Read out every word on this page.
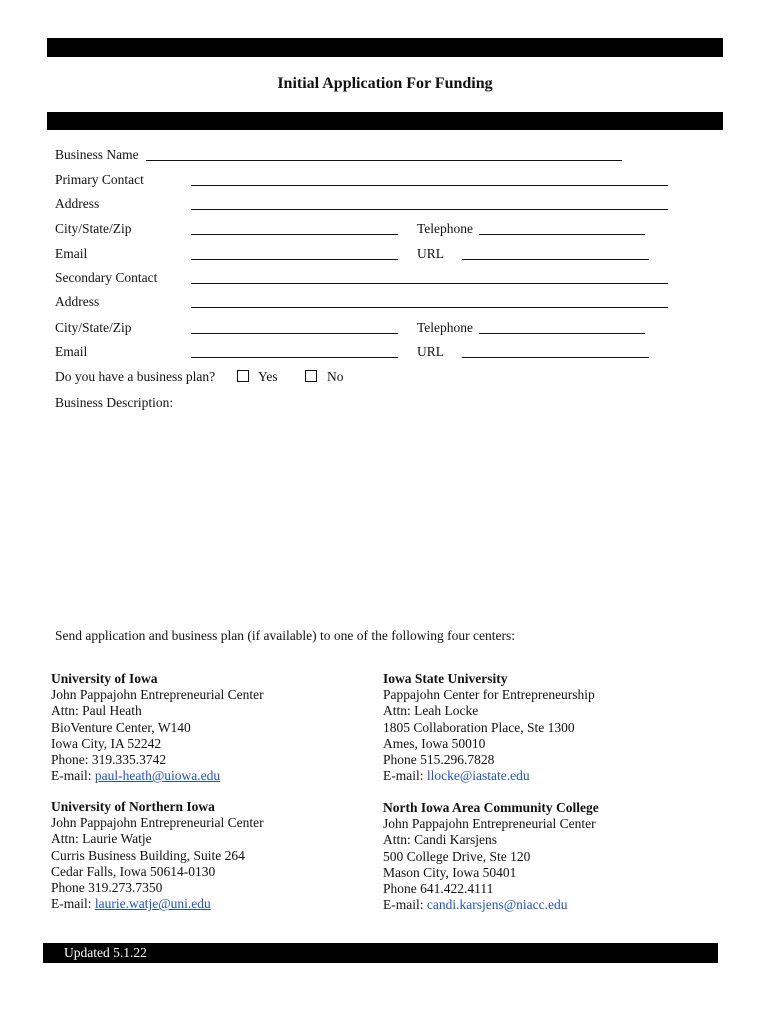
Initial Application For Funding
Business Name
Primary Contact
Address
City/State/Zip	Telephone
Email	URL
Secondary Contact
Address
City/State/Zip	Telephone
Email	URL
Do you have a business plan?	Yes	No
Business Description:
Send application and business plan (if available) to one of the following four centers:
University of Iowa
John Pappajohn Entrepreneurial Center
Attn: Paul Heath
BioVenture Center, W140
Iowa City, IA 52242
Phone: 319.335.3742
E-mail: paul-heath@uiowa.edu
Iowa State University
Pappajohn Center for Entrepreneurship
Attn: Leah Locke
1805 Collaboration Place, Ste 1300
Ames, Iowa 50010
Phone 515.296.7828
E-mail: llocke@iastate.edu
University of Northern Iowa
John Pappajohn Entrepreneurial Center
Attn: Laurie Watje
Curris Business Building, Suite 264
Cedar Falls, Iowa 50614-0130
Phone 319.273.7350
E-mail: laurie.watje@uni.edu
North Iowa Area Community College
John Pappajohn Entrepreneurial Center
Attn: Candi Karsjens
500 College Drive, Ste 120
Mason City, Iowa 50401
Phone 641.422.4111
E-mail: candi.karsjens@niacc.edu
Updated 5.1.22
